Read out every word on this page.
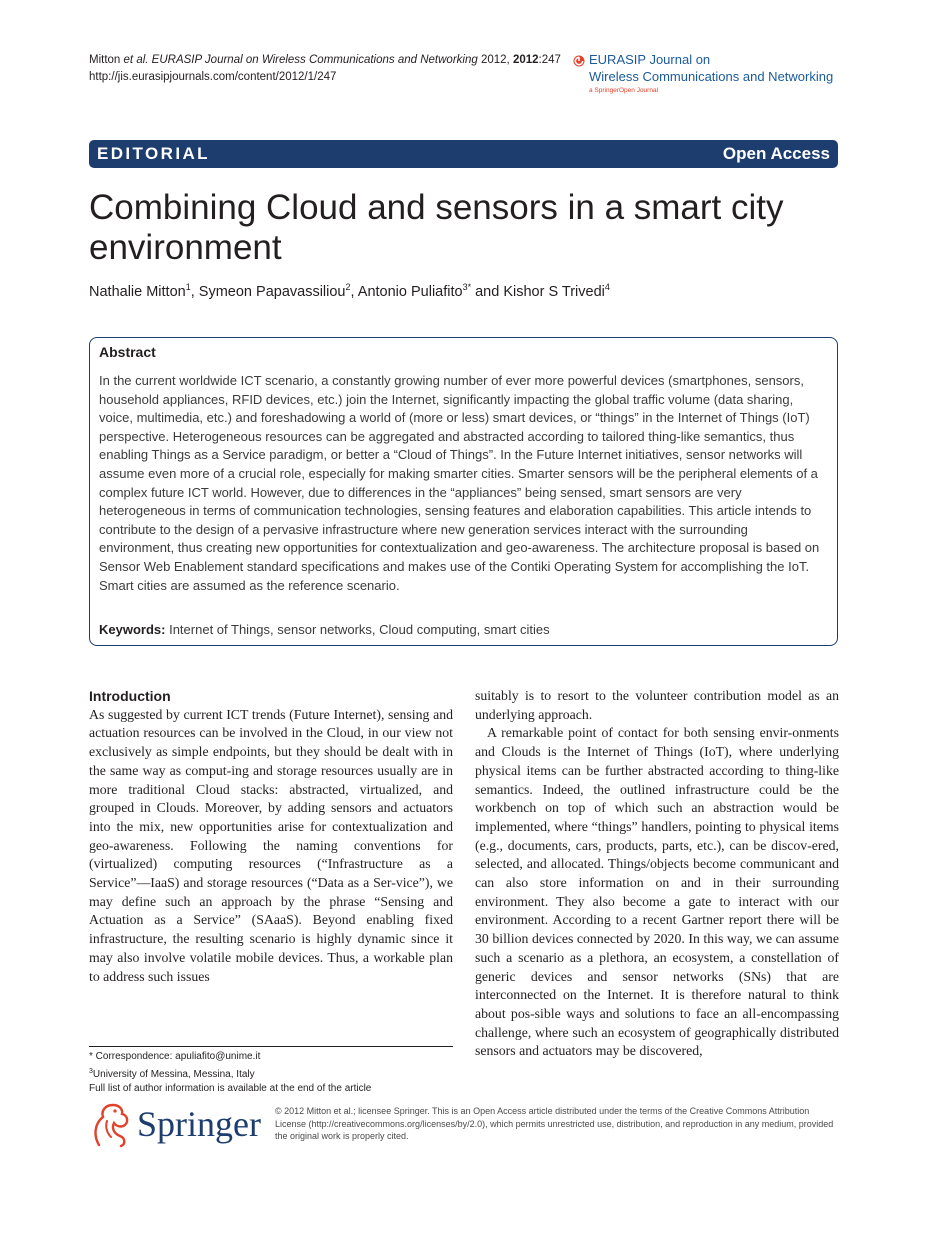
Mitton et al. EURASIP Journal on Wireless Communications and Networking 2012, 2012:247
http://jis.eurasipjournals.com/content/2012/1/247
EURASIP Journal on
Wireless Communications and Networking
a SpringerOpen Journal
EDITORIAL	Open Access
Combining Cloud and sensors in a smart city environment
Nathalie Mitton$^1$, Symeon Papavassiliou$^2$, Antonio Puliafito$^{3*}$ and Kishor S Trivedi$^4$
Abstract
In the current worldwide ICT scenario, a constantly growing number of ever more powerful devices (smartphones, sensors, household appliances, RFID devices, etc.) join the Internet, significantly impacting the global traffic volume (data sharing, voice, multimedia, etc.) and foreshadowing a world of (more or less) smart devices, or “things” in the Internet of Things (IoT) perspective. Heterogeneous resources can be aggregated and abstracted according to tailored thing-like semantics, thus enabling Things as a Service paradigm, or better a “Cloud of Things”. In the Future Internet initiatives, sensor networks will assume even more of a crucial role, especially for making smarter cities. Smarter sensors will be the peripheral elements of a complex future ICT world. However, due to differences in the “appliances” being sensed, smart sensors are very heterogeneous in terms of communication technologies, sensing features and elaboration capabilities. This article intends to contribute to the design of a pervasive infrastructure where new generation services interact with the surrounding environment, thus creating new opportunities for contextualization and geo-awareness. The architecture proposal is based on Sensor Web Enablement standard specifications and makes use of the Contiki Operating System for accomplishing the IoT. Smart cities are assumed as the reference scenario.
Keywords: Internet of Things, sensor networks, Cloud computing, smart cities
Introduction

As suggested by current ICT trends (Future Internet), sensing and actuation resources can be involved in the Cloud, in our view not exclusively as simple endpoints, but they should be dealt with in the same way as comput-ing and storage resources usually are in more traditional Cloud stacks: abstracted, virtualized, and grouped in Clouds. Moreover, by adding sensors and actuators into the mix, new opportunities arise for contextualization and geo-awareness. Following the naming conventions for (virtualized) computing resources (“Infrastructure as a Service”—IaaS) and storage resources (“Data as a Ser-vice”), we may define such an approach by the phrase “Sensing and Actuation as a Service” (SAaaS). Beyond enabling fixed infrastructure, the resulting scenario is highly dynamic since it may also involve volatile mobile devices. Thus, a workable plan to address such issues

suitably is to resort to the volunteer contribution model as an underlying approach.

A remarkable point of contact for both sensing envir-onments and Clouds is the Internet of Things (IoT), where underlying physical items can be further abstracted according to thing-like semantics. Indeed, the outlined infrastructure could be the workbench on top of which such an abstraction would be implemented, where “things” handlers, pointing to physical items (e.g., documents, cars, products, parts, etc.), can be discov-ered, selected, and allocated. Things/objects become communicant and can also store information on and in their surrounding environment. They also become a gate to interact with our environment. According to a recent Gartner report there will be 30 billion devices connected by 2020. In this way, we can assume such a scenario as a plethora, an ecosystem, a constellation of generic devices and sensor networks (SNs) that are interconnected on the Internet. It is therefore natural to think about pos-sible ways and solutions to face an all-encompassing challenge, where such an ecosystem of geographically distributed sensors and actuators may be discovered,

* Correspondence: apuliafito@unime.it
$^3$University of Messina, Messina, Italy
Full list of author information is available at the end of the article
Springer © 2012 Mitton et al.; licensee Springer. This is an Open Access article distributed under the terms of the Creative Commons Attribution License (http://creativecommons.org/licenses/by/2.0), which permits unrestricted use, distribution, and reproduction in any medium, provided the original work is properly cited.
